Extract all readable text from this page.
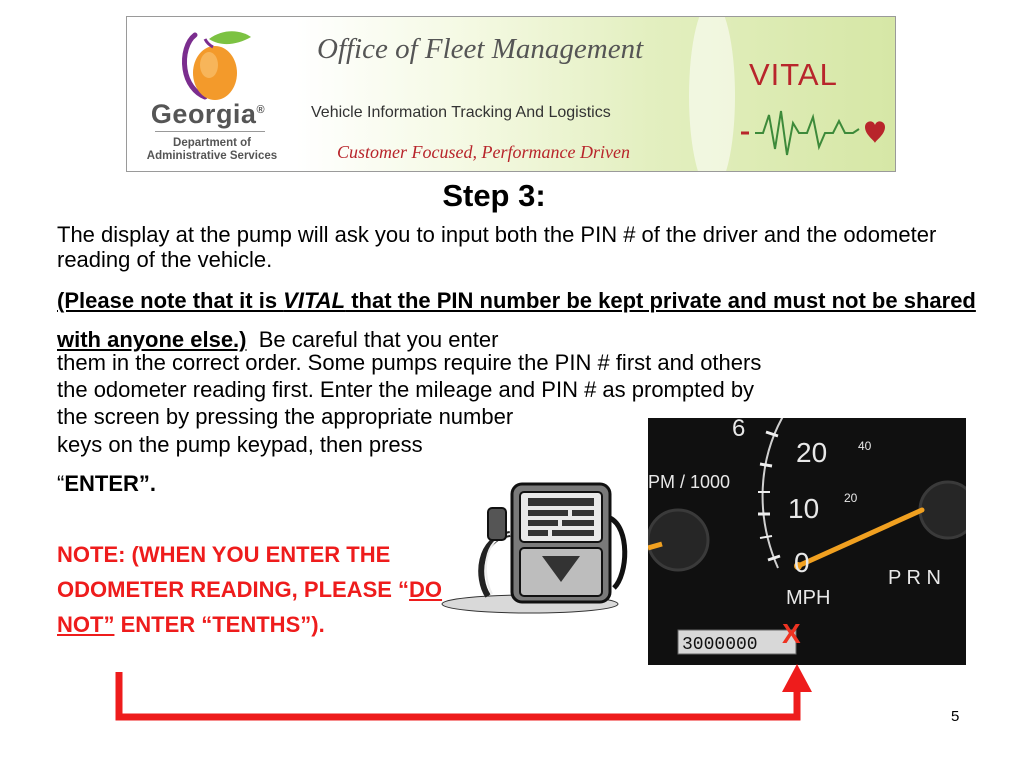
Georgia®
Department of
Administrative Services
Office of Fleet Management
Vehicle Information Tracking And Logistics
Customer Focused, Performance Driven
VITAL
Step 3:
The display at the pump will ask you to input both the PIN # of the driver and the odometer reading of the vehicle.
(Please note that it is VITAL that the PIN number be kept private and must not be shared with anyone else.)  Be careful that you enter
them in the correct order. Some pumps require the PIN # first and others
the odometer reading first. Enter the mileage and PIN # as prompted by
the screen by pressing the appropriate number
keys on the pump keypad, then press
“ENTER”.
NOTE: (WHEN YOU ENTER THE ODOMETER READING, PLEASE “DO NOT” ENTER “TENTHS”).
6
20	40
20
10
0
PM / 1000
MPH
P R N
3000000 X
5
